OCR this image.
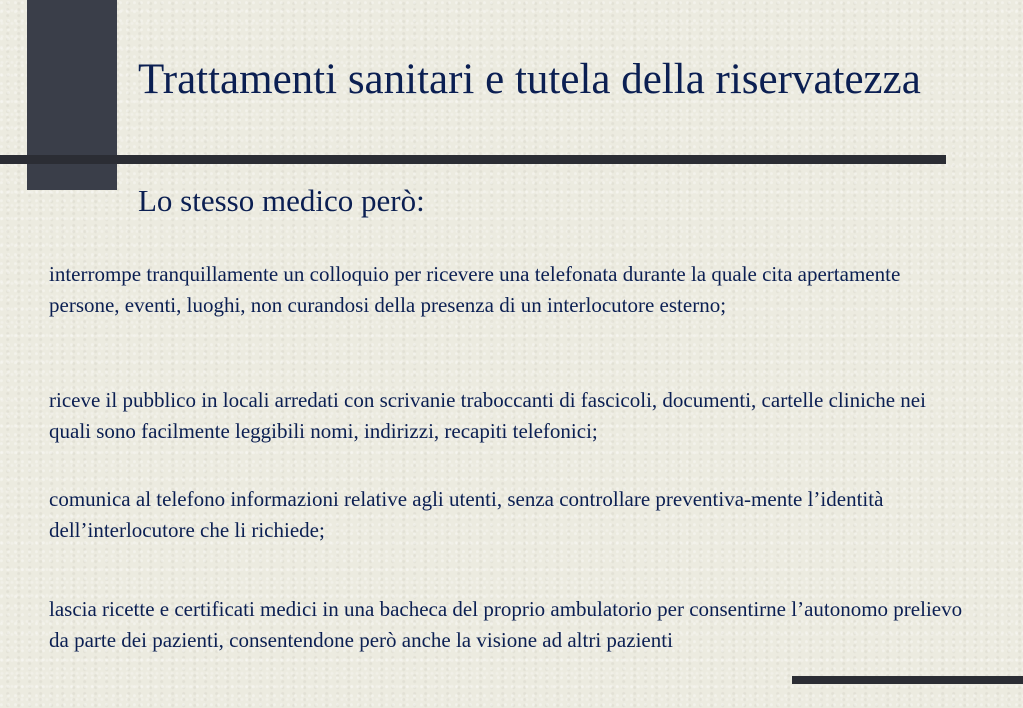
Trattamenti sanitari e tutela della riservatezza

Lo stesso medico però:

interrompe tranquillamente un colloquio per ricevere una telefonata durante la quale cita apertamente persone, eventi, luoghi, non curandosi della presenza di un interlocutore esterno;

riceve il pubblico in locali arredati con scrivanie traboccanti di fascicoli, documenti, cartelle cliniche nei quali sono facilmente leggibili nomi, indirizzi, recapiti telefonici;

comunica al telefono informazioni relative agli utenti, senza controllare preventiva-mente l’identità dell’interlocutore che li richiede;

lascia ricette e certificati medici in una bacheca del proprio ambulatorio per consentirne l’autonomo prelievo da parte dei pazienti, consentendone però anche la visione ad altri pazienti
